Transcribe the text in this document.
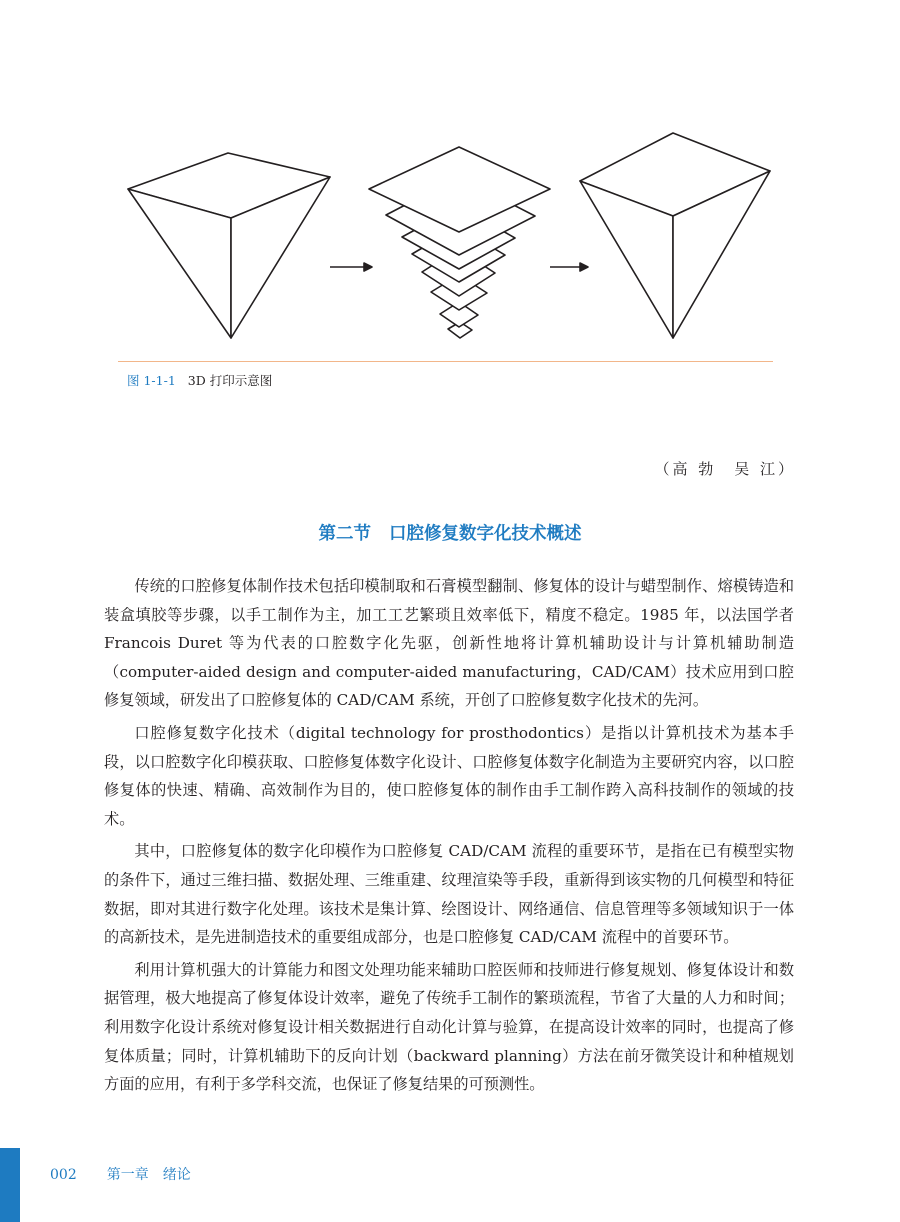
图 1-1-1 3D 打印示意图
（高 勃　吴 江）
第二节 口腔修复数字化技术概述

传统的口腔修复体制作技术包括印模制取和石膏模型翻制、修复体的设计与蜡型制作、熔模铸造和装盒填胶等步骤，以手工制作为主，加工工艺繁琐且效率低下，精度不稳定。1985 年，以法国学者 Francois Duret 等为代表的口腔数字化先驱，创新性地将计算机辅助设计与计算机辅助制造（computer-aided design and computer-aided manufacturing，CAD/CAM）技术应用到口腔修复领域，研发出了口腔修复体的 CAD/CAM 系统，开创了口腔修复数字化技术的先河。

口腔修复数字化技术（digital technology for prosthodontics）是指以计算机技术为基本手段，以口腔数字化印模获取、口腔修复体数字化设计、口腔修复体数字化制造为主要研究内容，以口腔修复体的快速、精确、高效制作为目的，使口腔修复体的制作由手工制作跨入高科技制作的领域的技术。

其中，口腔修复体的数字化印模作为口腔修复 CAD/CAM 流程的重要环节，是指在已有模型实物的条件下，通过三维扫描、数据处理、三维重建、纹理渲染等手段，重新得到该实物的几何模型和特征数据，即对其进行数字化处理。该技术是集计算、绘图设计、网络通信、信息管理等多领域知识于一体的高新技术，是先进制造技术的重要组成部分，也是口腔修复 CAD/CAM 流程中的首要环节。

利用计算机强大的计算能力和图文处理功能来辅助口腔医师和技师进行修复规划、修复体设计和数据管理，极大地提高了修复体设计效率，避免了传统手工制作的繁琐流程，节省了大量的人力和时间；利用数字化设计系统对修复设计相关数据进行自动化计算与验算，在提高设计效率的同时，也提高了修复体质量；同时，计算机辅助下的反向计划（backward planning）方法在前牙微笑设计和种植规划方面的应用，有利于多学科交流，也保证了修复结果的可预测性。

002 第一章　绪论
